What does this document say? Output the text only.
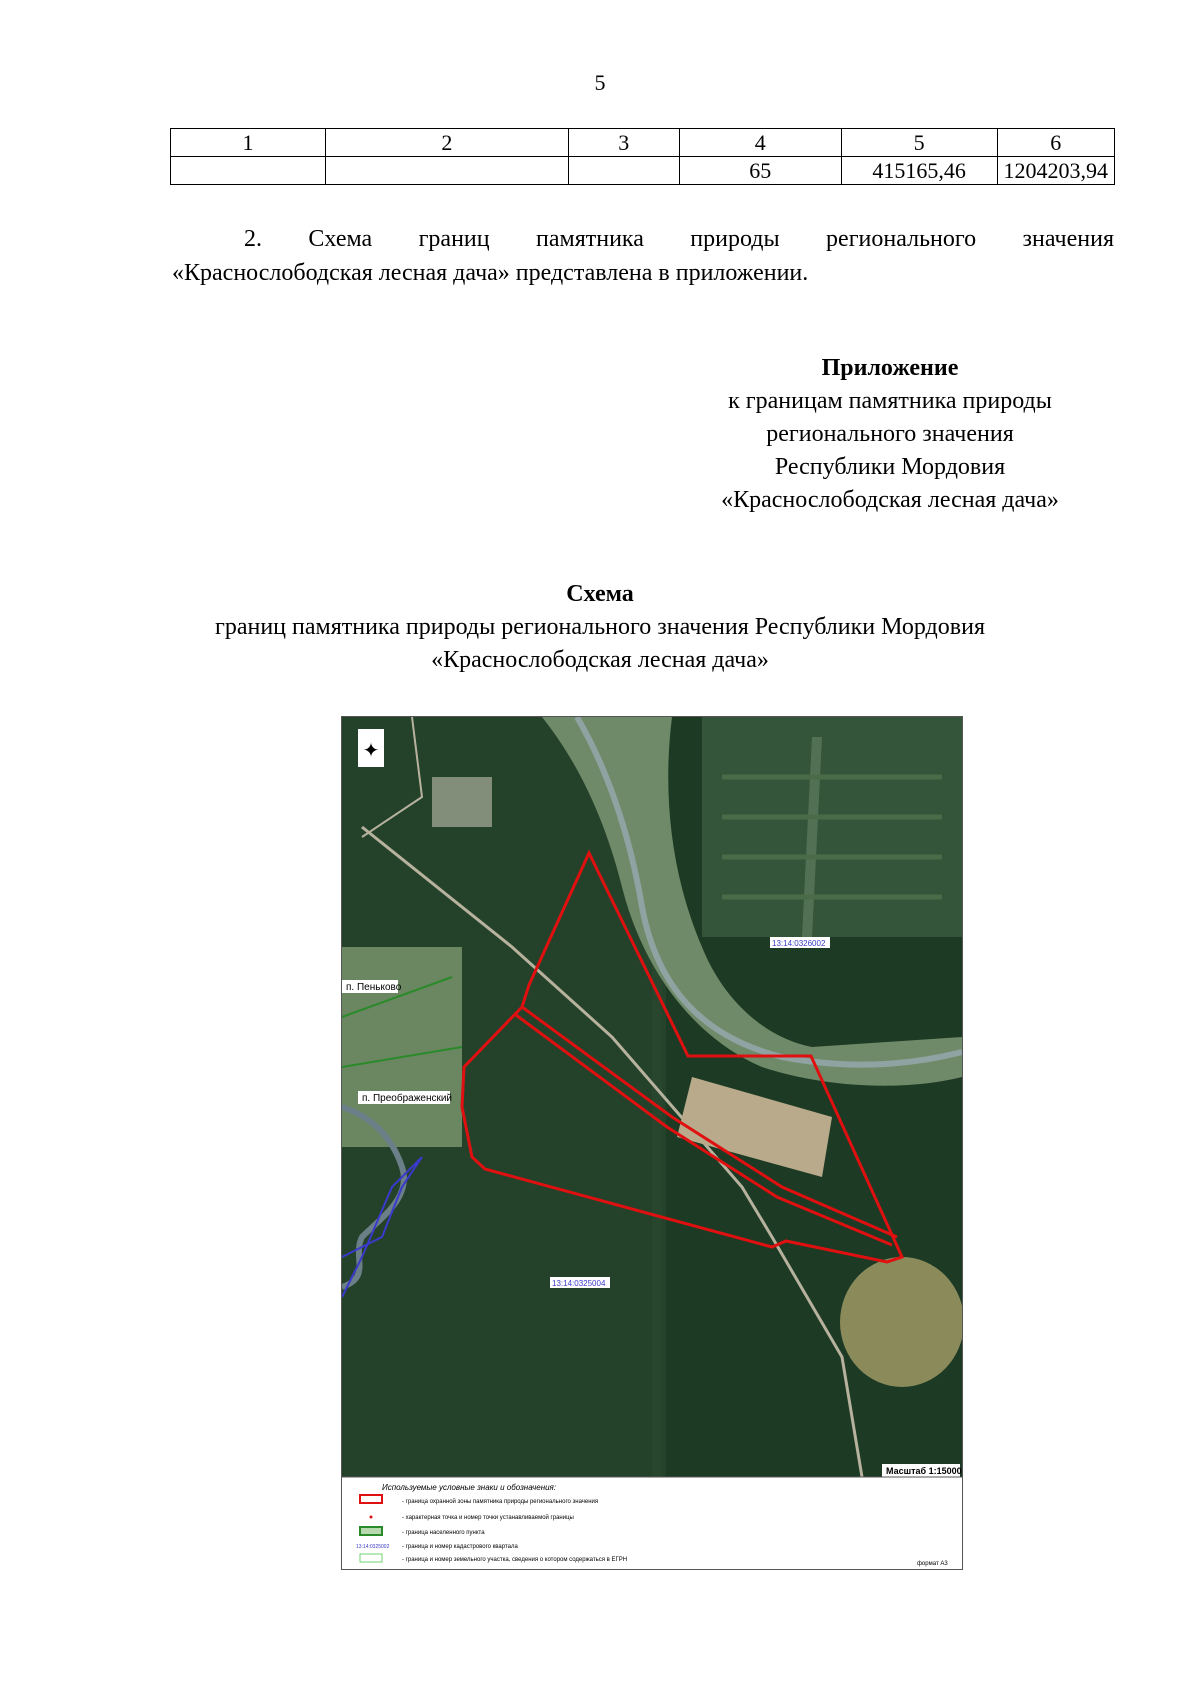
5
1	2	3	4	5	6
			65	415165,46	1204203,94
2. Схема границ памятника природы регионального значения
«Краснослободская лесная дача» представлена в приложении.
Приложение
к границам памятника природы
регионального значения
Республики Мордовия
«Краснослободская лесная дача»
Схема
границ памятника природы регионального значения Республики Мордовия
«Краснослободская лесная дача»
✦
п. Пеньково
п. Преображенский
13:14:0326002
13:14:0325004
Масштаб 1:15000
Используемые условные знаки и обозначения:
- граница охранной зоны памятника природы регионального значения
- характерная точка и номер точки устанавливаемой границы
- граница населенного пункта
13:14:0325002 - граница и номер кадастрового квартала
- граница и номер земельного участка, сведения о котором содержаться в ЕГРН
формат А3
